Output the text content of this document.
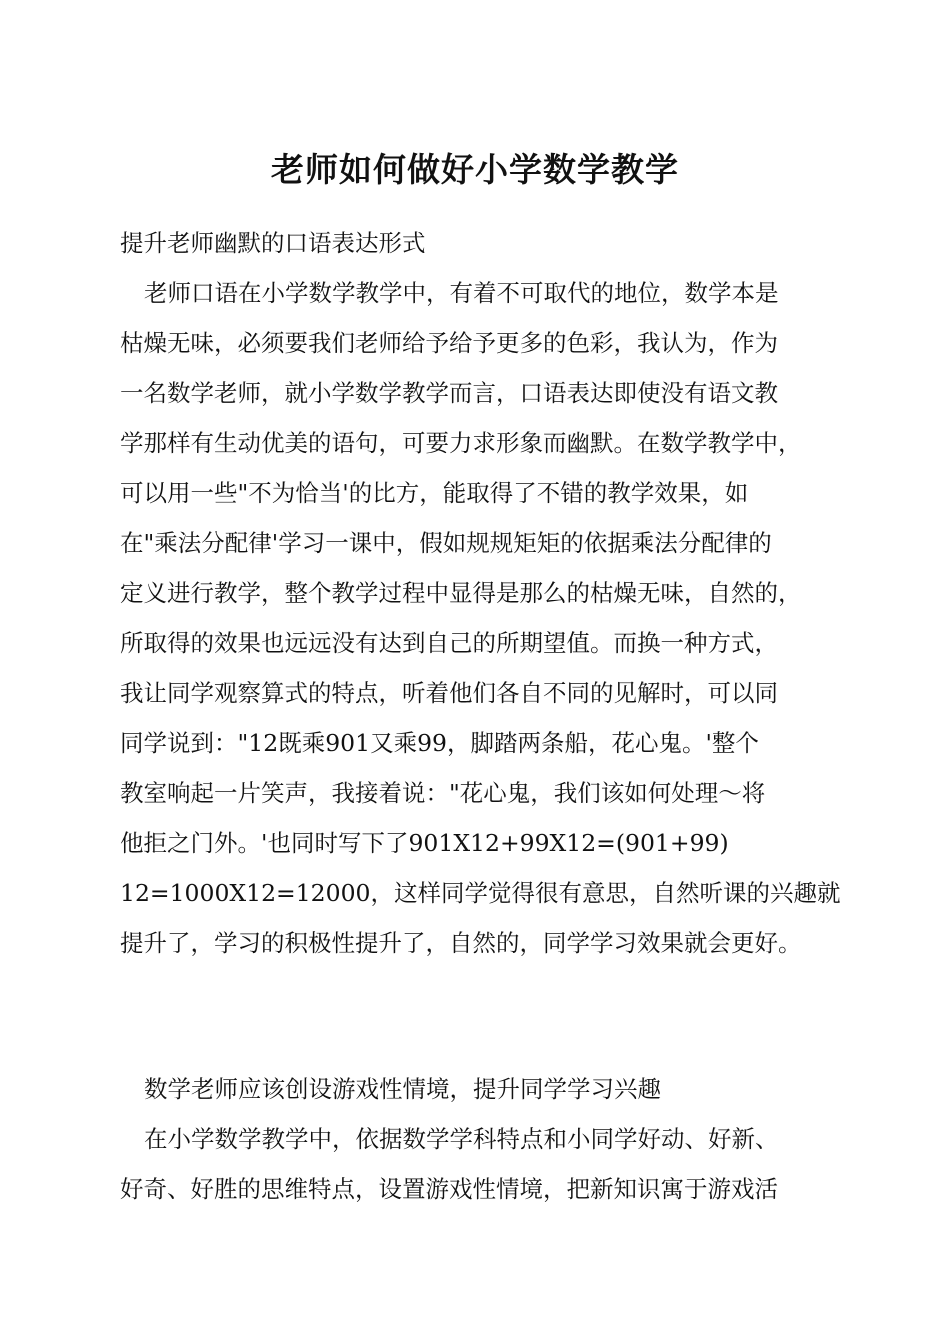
老师如何做好小学数学教学
提升老师幽默的口语表达形式
老师口语在小学数学教学中，有着不可取代的地位，数学本是
枯燥无味，必须要我们老师给予给予更多的色彩，我认为，作为
一名数学老师，就小学数学教学而言，口语表达即使没有语文教
学那样有生动优美的语句，可要力求形象而幽默。在数学教学中，
可以用一些"不为恰当'的比方，能取得了不错的教学效果，如
在"乘法分配律'学习一课中，假如规规矩矩的依据乘法分配律的
定义进行教学，整个教学过程中显得是那么的枯燥无味，自然的，
所取得的效果也远远没有达到自己的所期望值。而换一种方式，
我让同学观察算式的特点，听着他们各自不同的见解时，可以同
同学说到："12既乘901又乘99，脚踏两条船，花心鬼。'整个
教室响起一片笑声，我接着说："花心鬼，我们该如何处理～将
他拒之门外。'也同时写下了901X12+99X12=(901+99)
12=1000X12=12000，这样同学觉得很有意思，自然听课的兴趣就
提升了，学习的积极性提升了，自然的，同学学习效果就会更好。
数学老师应该创设游戏性情境，提升同学学习兴趣
在小学数学教学中，依据数学学科特点和小同学好动、好新、
好奇、好胜的思维特点，设置游戏性情境，把新知识寓于游戏活
